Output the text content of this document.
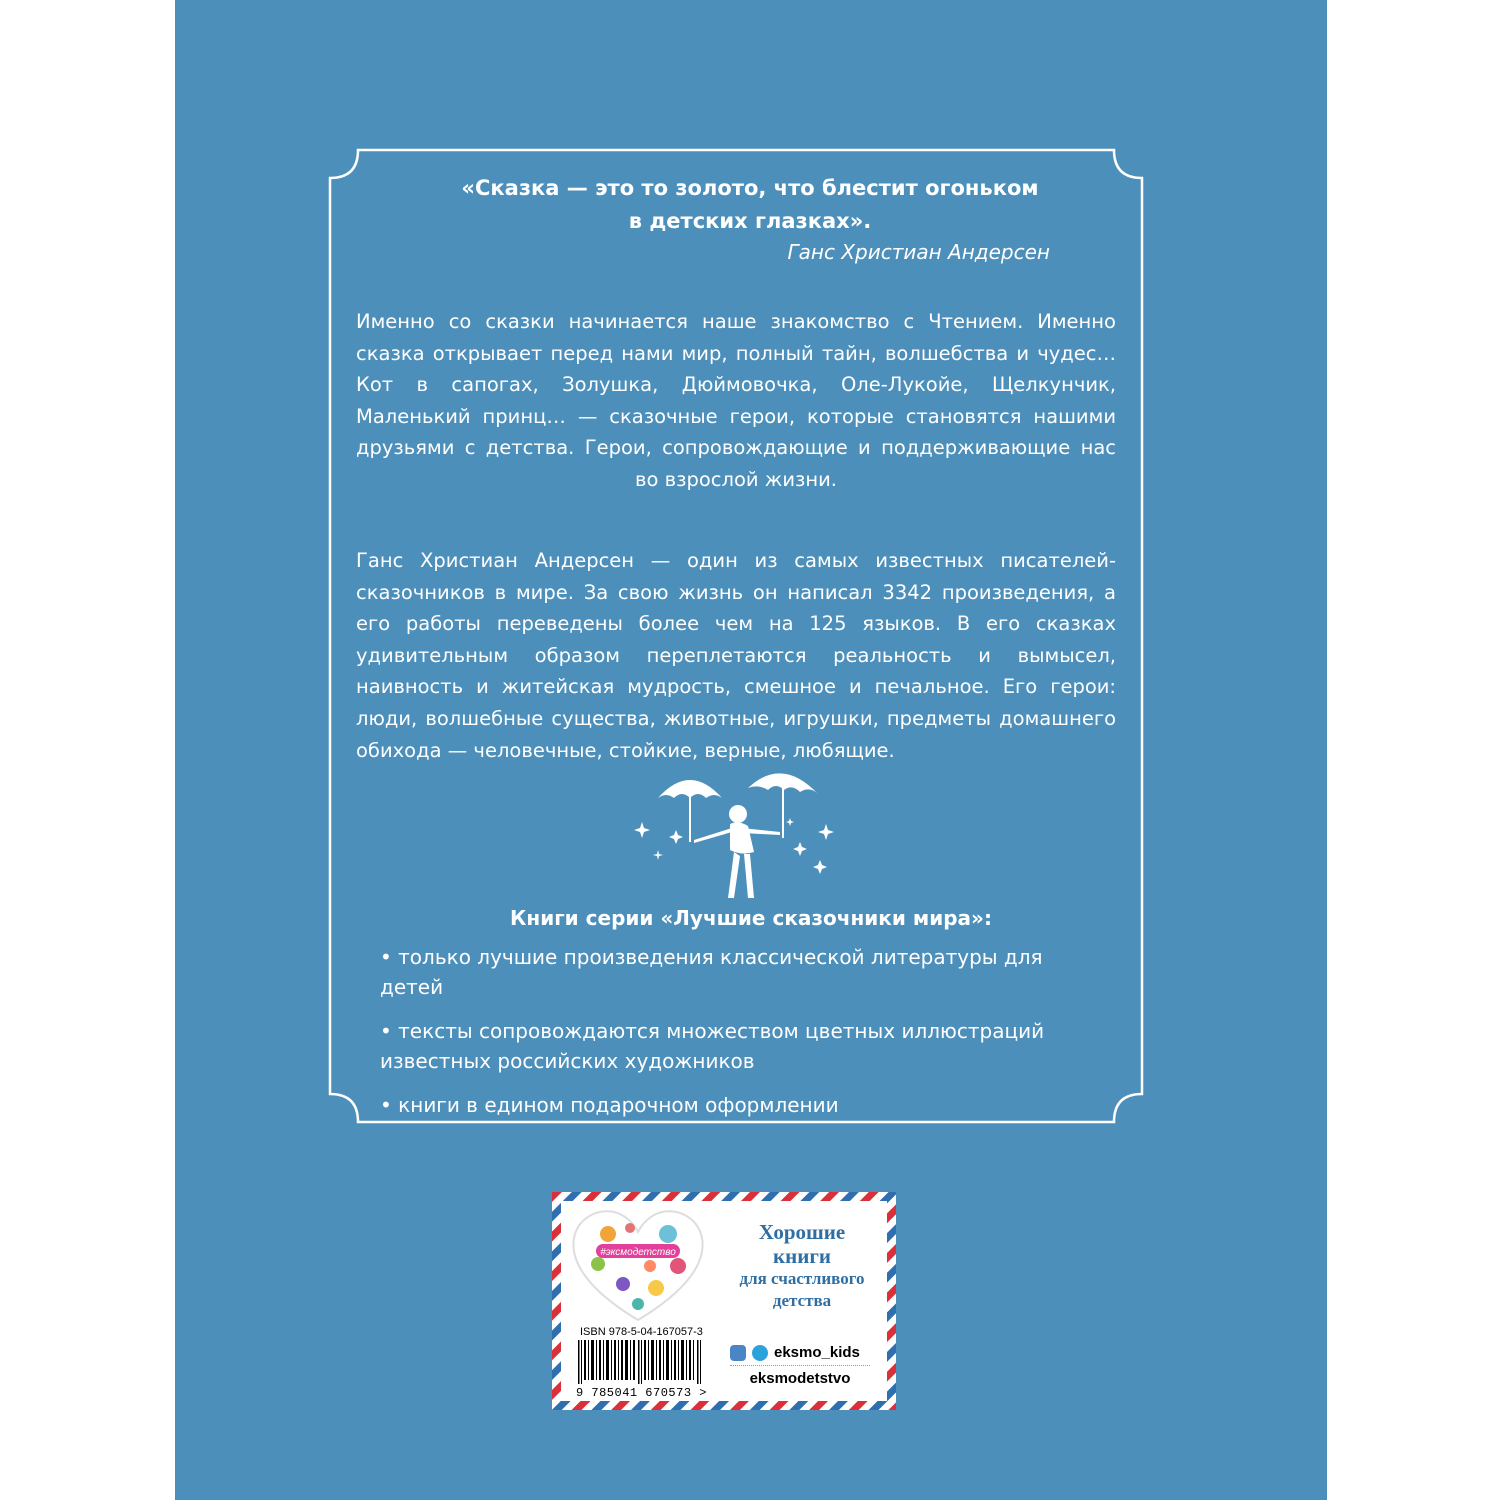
«Сказка — это то золото, что блестит огоньком
в детских глазках».
Ганс Христиан Андерсен
Именно со сказки начинается наше знакомство с Чтением. Именно сказка открывает перед нами мир, полный тайн, волшебства и чудес… Кот в сапогах, Золушка, Дюймовочка, Оле-Лукойе, Щелкунчик, Маленький принц… — сказочные герои, которые становятся нашими друзьями с детства. Герои, сопровождающие и поддерживающие нас во взрослой жизни.
Ганс Христиан Андерсен — один из самых известных писателей-сказочников в мире. За свою жизнь он написал 3342 произведения, а его работы переведены более чем на 125 языков. В его сказках удивительным образом переплетаются реальность и вымысел, наивность и житейская мудрость, смешное и печальное. Его герои: люди, волшебные существа, животные, игрушки, предметы домашнего обихода — человечные, стойкие, верные, любящие.
Книги серии «Лучшие сказочники мира»:
• только лучшие произведения классической литературы для детей
• тексты сопровождаются множеством цветных иллюстраций известных российских художников
• книги в едином подарочном оформлении
#эксмодетство
Хорошие
книги
для счастливого
детства
ISBN 978-5-04-167057-3
9 785041 670573 >
eksmo_kids
eksmodetstvo
